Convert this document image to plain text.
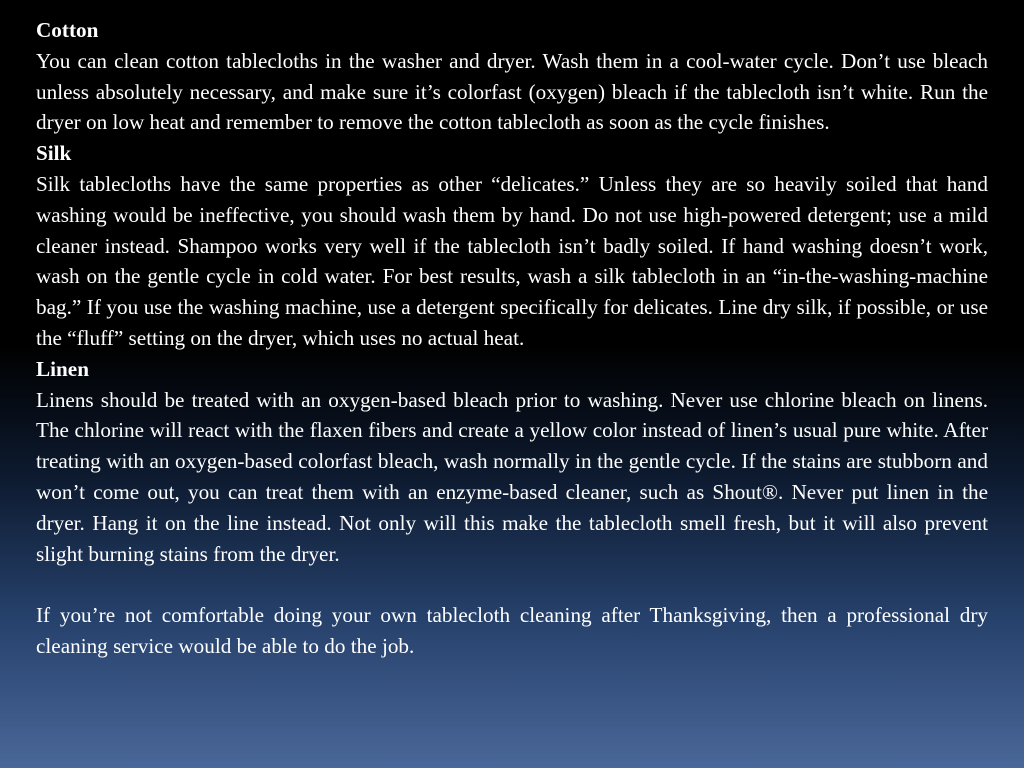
Cotton

You can clean cotton tablecloths in the washer and dryer. Wash them in a cool-water cycle. Don’t use bleach unless absolutely necessary, and make sure it’s colorfast (oxygen) bleach if the tablecloth isn’t white. Run the dryer on low heat and remember to remove the cotton tablecloth as soon as the cycle finishes.

Silk

Silk tablecloths have the same properties as other “delicates.” Unless they are so heavily soiled that hand washing would be ineffective, you should wash them by hand. Do not use high-powered detergent; use a mild cleaner instead. Shampoo works very well if the tablecloth isn’t badly soiled. If hand washing doesn’t work, wash on the gentle cycle in cold water. For best results, wash a silk tablecloth in an “in-the-washing-machine bag.” If you use the washing machine, use a detergent specifically for delicates. Line dry silk, if possible, or use the “fluff” setting on the dryer, which uses no actual heat.

Linen

Linens should be treated with an oxygen-based bleach prior to washing. Never use chlorine bleach on linens. The chlorine will react with the flaxen fibers and create a yellow color instead of linen’s usual pure white. After treating with an oxygen-based colorfast bleach, wash normally in the gentle cycle. If the stains are stubborn and won’t come out, you can treat them with an enzyme-based cleaner, such as Shout®. Never put linen in the dryer. Hang it on the line instead. Not only will this make the tablecloth smell fresh, but it will also prevent slight burning stains from the dryer.

If you’re not comfortable doing your own tablecloth cleaning after Thanksgiving, then a professional dry cleaning service would be able to do the job.
